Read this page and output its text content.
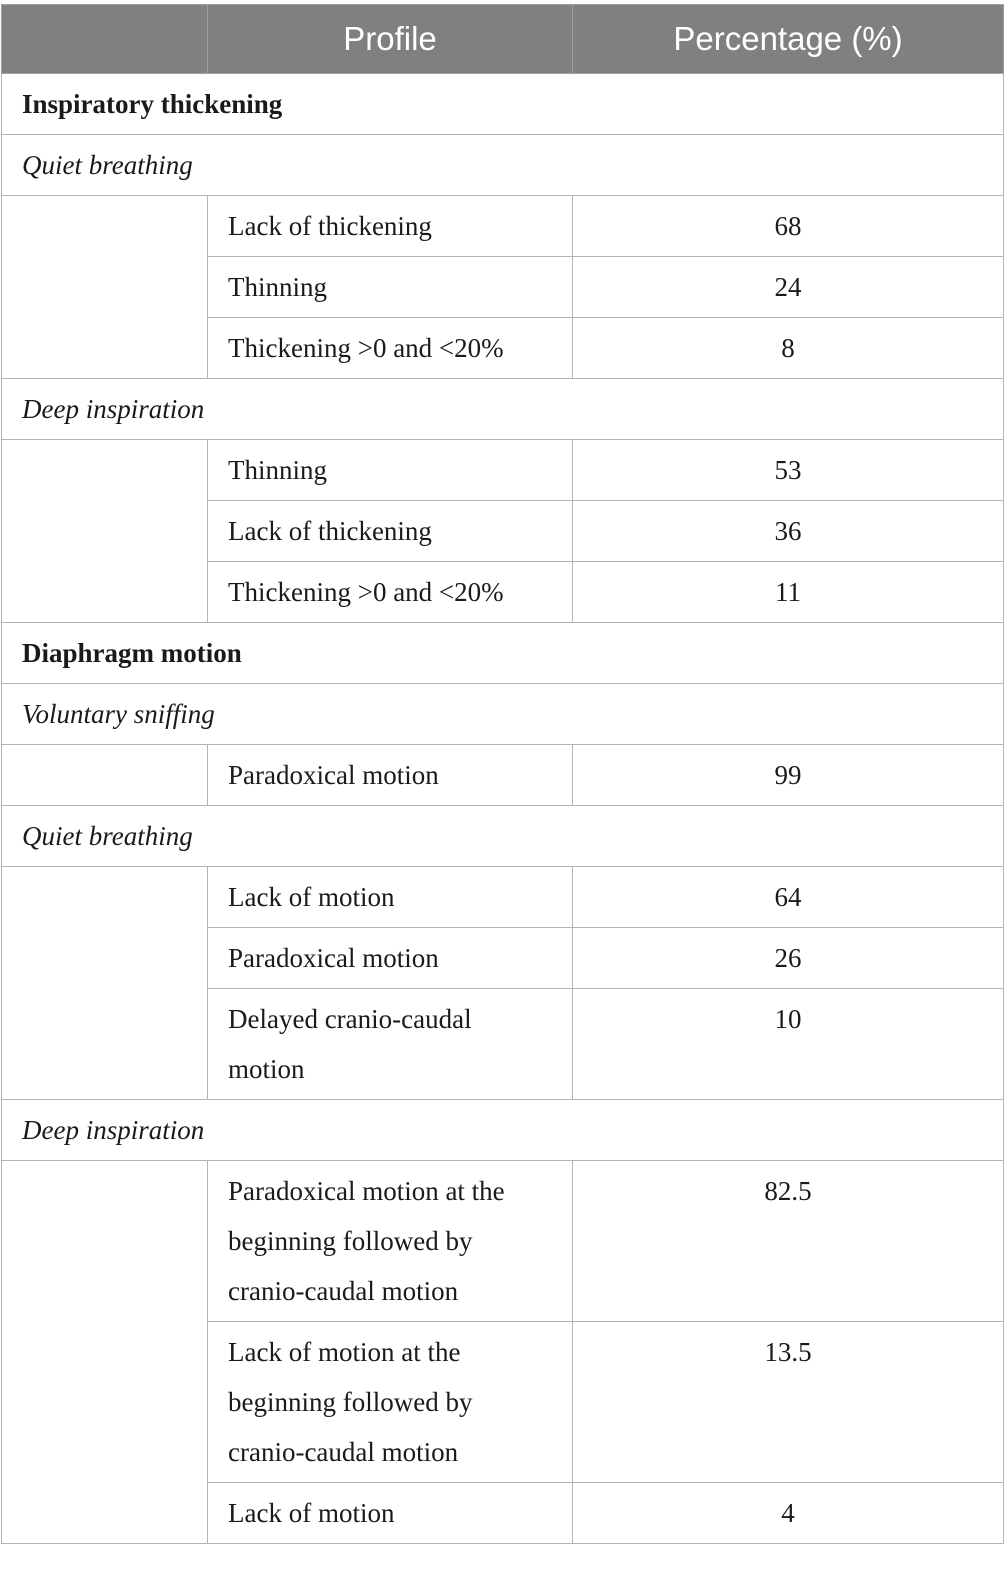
	Profile	Percentage (%)
Inspiratory thickening		
Quiet breathing		
	Lack of thickening	68
	Thinning	24
	Thickening >0 and <20%	8
Deep inspiration		
	Thinning	53
	Lack of thickening	36
	Thickening >0 and <20%	11
Diaphragm motion		
Voluntary sniffing		
	Paradoxical motion	99
Quiet breathing		
	Lack of motion	64
	Paradoxical motion	26
	Delayed cranio-caudal motion	10
Deep inspiration		
	Paradoxical motion at the beginning followed by cranio-caudal motion	82.5
	Lack of motion at the beginning followed by cranio-caudal motion	13.5
	Lack of motion	4
